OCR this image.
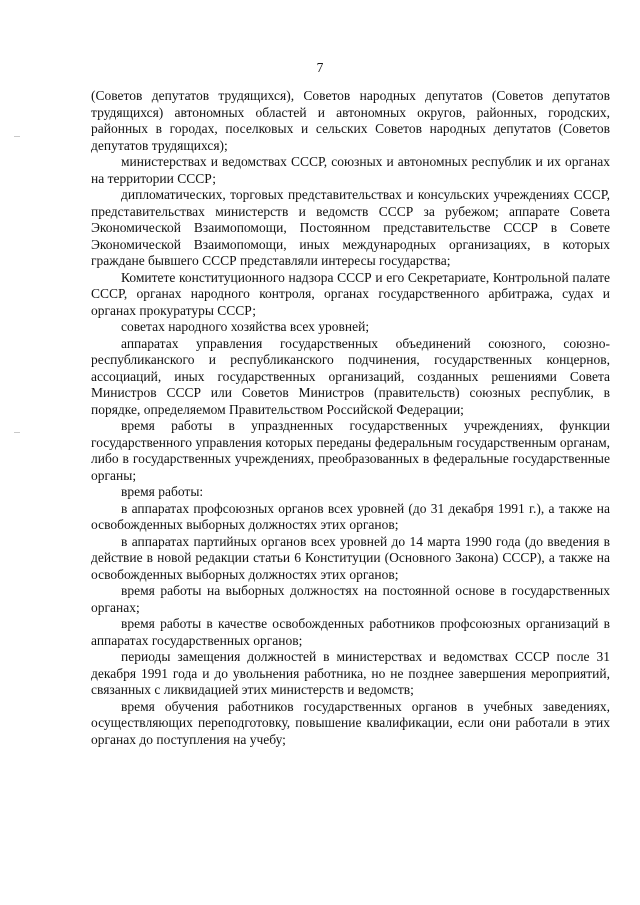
7

(Советов депутатов трудящихся), Советов народных депутатов (Советов депутатов трудящихся) автономных областей и автономных округов, районных, городских, районных в городах, поселковых и сельских Советов народных депутатов (Советов депутатов трудящихся);

министерствах и ведомствах СССР, союзных и автономных республик и их органах на территории СССР;

дипломатических, торговых представительствах и консульских учреждениях СССР, представительствах министерств и ведомств СССР за рубежом; аппарате Совета Экономической Взаимопомощи, Постоянном представительстве СССР в Совете Экономической Взаимопомощи, иных международных организациях, в которых граждане бывшего СССР представляли интересы государства;

Комитете конституционного надзора СССР и его Секретариате, Контрольной палате СССР, органах народного контроля, органах государственного арбитража, судах и органах прокуратуры СССР;

советах народного хозяйства всех уровней;

аппаратах управления государственных объединений союзного, союзно-республиканского и республиканского подчинения, государственных концернов, ассоциаций, иных государственных организаций, созданных решениями Совета Министров СССР или Советов Министров (правительств) союзных республик, в порядке, определяемом Правительством Российской Федерации;

время работы в упраздненных государственных учреждениях, функции государственного управления которых переданы федеральным государственным органам, либо в государственных учреждениях, преобразованных в федеральные государственные органы;

время работы:

в аппаратах профсоюзных органов всех уровней (до 31 декабря 1991 г.), а также на освобожденных выборных должностях этих органов;

в аппаратах партийных органов всех уровней до 14 марта 1990 года (до введения в действие в новой редакции статьи 6 Конституции (Основного Закона) СССР), а также на освобожденных выборных должностях этих органов;

время работы на выборных должностях на постоянной основе в государственных органах;

время работы в качестве освобожденных работников профсоюзных организаций в аппаратах государственных органов;

периоды замещения должностей в министерствах и ведомствах СССР после 31 декабря 1991 года и до увольнения работника, но не позднее завершения мероприятий, связанных с ликвидацией этих министерств и ведомств;

время обучения работников государственных органов в учебных заведениях, осуществляющих переподготовку, повышение квалификации, если они работали в этих органах до поступления на учебу;
